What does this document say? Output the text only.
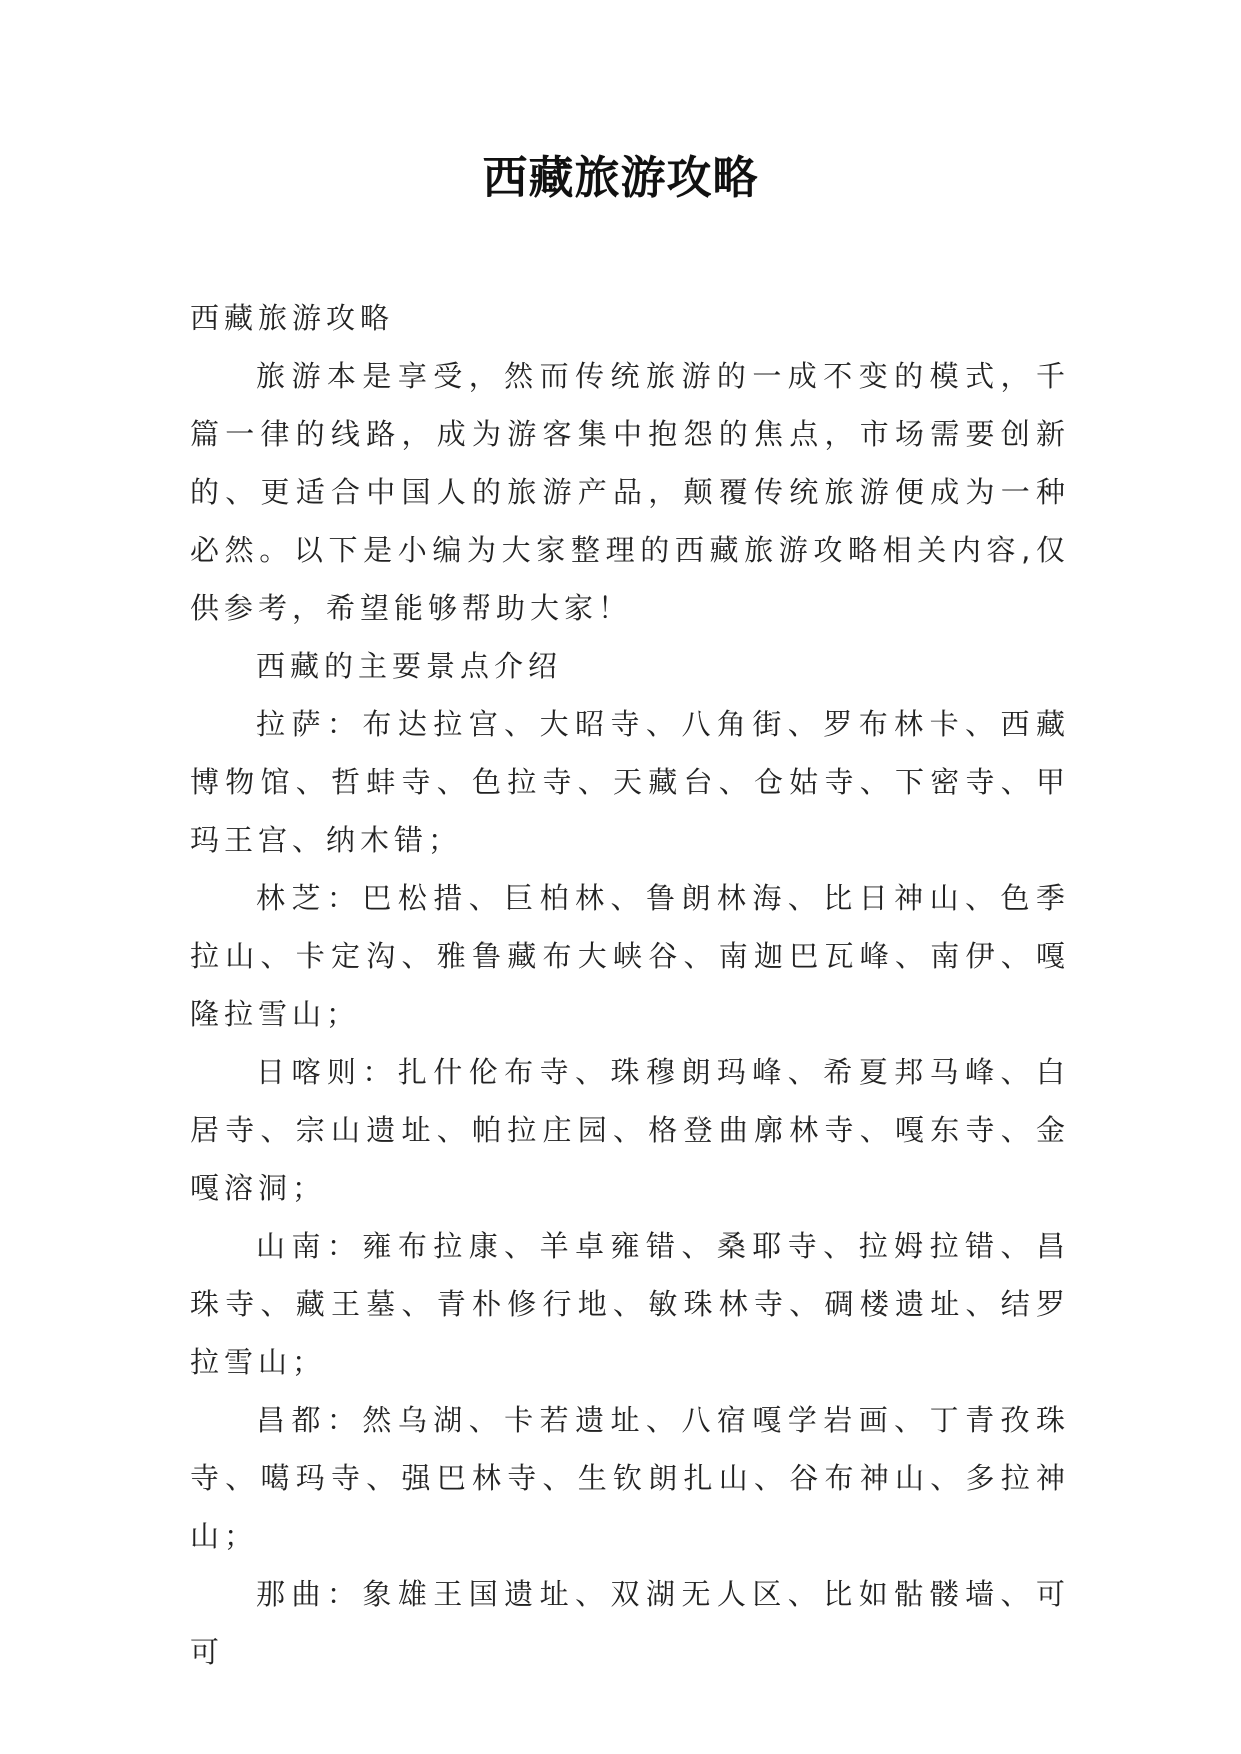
西藏旅游攻略

西藏旅游攻略

旅游本是享受，然而传统旅游的一成不变的模式，千篇一律的线路，成为游客集中抱怨的焦点，市场需要创新的、更适合中国人的旅游产品，颠覆传统旅游便成为一种必然。以下是小编为大家整理的西藏旅游攻略相关内容,仅供参考，希望能够帮助大家！

西藏的主要景点介绍

拉萨：布达拉宫、大昭寺、八角街、罗布林卡、西藏博物馆、哲蚌寺、色拉寺、天藏台、仓姑寺、下密寺、甲玛王宫、纳木错；

林芝：巴松措、巨柏林、鲁朗林海、比日神山、色季拉山、卡定沟、雅鲁藏布大峡谷、南迦巴瓦峰、南伊、嘎隆拉雪山；

日喀则：扎什伦布寺、珠穆朗玛峰、希夏邦马峰、白居寺、宗山遗址、帕拉庄园、格登曲廓林寺、嘎东寺、金嘎溶洞；

山南：雍布拉康、羊卓雍错、桑耶寺、拉姆拉错、昌珠寺、藏王墓、青朴修行地、敏珠林寺、碉楼遗址、结罗拉雪山；

昌都：然乌湖、卡若遗址、八宿嘎学岩画、丁青孜珠寺、噶玛寺、强巴林寺、生钦朗扎山、谷布神山、多拉神山；

那曲：象雄王国遗址、双湖无人区、比如骷髅墙、可可
